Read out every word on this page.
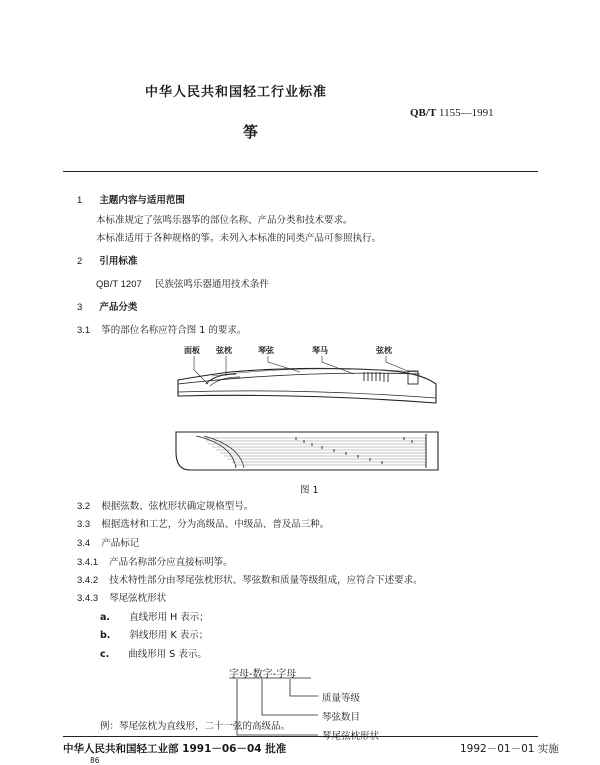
中华人民共和国轻工行业标准
QB/T 1155—1991
筝
1 主题内容与适用范围
本标准规定了弦鸣乐器筝的部位名称、产品分类和技术要求。
本标准适用于各种规格的筝。未列入本标准的同类产品可参照执行。
2 引用标准
QB/T 1207 民族弦鸣乐器通用技术条件
3 产品分类
3.1 筝的部位名称应符合图 1 的要求。
面板 弦枕	琴弦	琴马	弦枕
图 1
3.2 根据弦数、弦枕形状确定规格型号。
3.3 根据选材和工艺，分为高级品、中级品、普及品三种。
3.4 产品标记
3.4.1 产品名称部分应直接标明筝。
3.4.2 技术特性部分由琴尾弦枕形状、琴弦数和质量等级组成，应符合下述要求。
3.4.3 琴尾弦枕形状
a. 直线形用 H 表示；
b. 斜线形用 K 表示；
c. 曲线形用 S 表示。
字母-数字-字母
质量等级
琴弦数目
琴尾弦枕形状
例：琴尾弦枕为直线形，二十一弦的高级品。
中华人民共和国轻工业部 1991－06－04 批准	1992－01－01 实施
86
